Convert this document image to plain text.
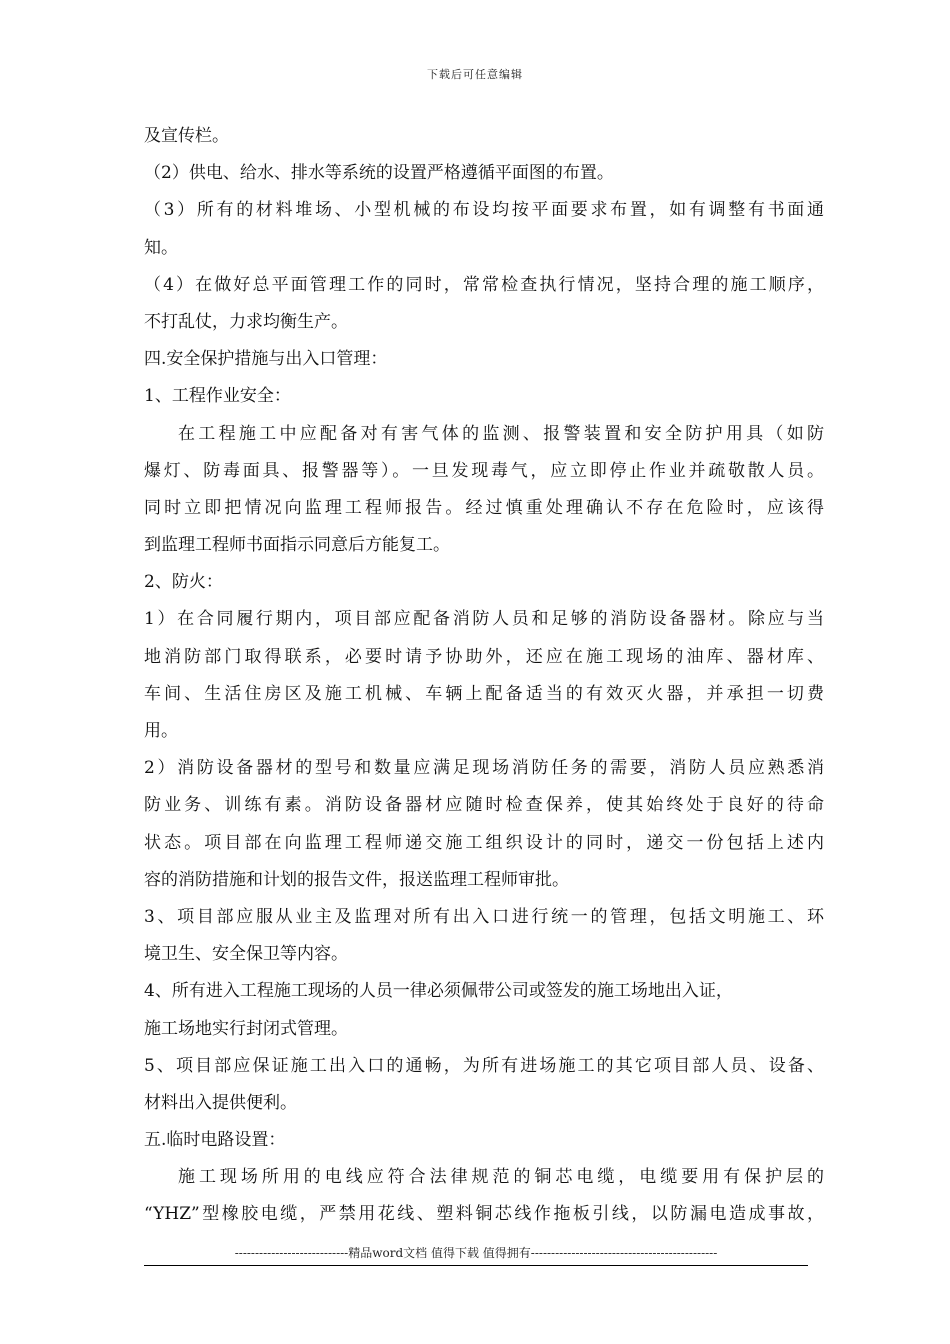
下载后可任意编辑
及宣传栏。
（2）供电、给水、排水等系统的设置严格遵循平面图的布置。
（3）所有的材料堆场、小型机械的布设均按平面要求布置，如有调整有书面通
知。
（4）在做好总平面管理工作的同时，常常检查执行情况，坚持合理的施工顺序，
不打乱仗，力求均衡生产。
四.安全保护措施与出入口管理：
1、工程作业安全：
在工程施工中应配备对有害气体的监测、报警装置和安全防护用具（如防
爆灯、防毒面具、报警器等）。一旦发现毒气，应立即停止作业并疏敬散人员。
同时立即把情况向监理工程师报告。经过慎重处理确认不存在危险时，应该得
到监理工程师书面指示同意后方能复工。
2、防火：
1）在合同履行期内，项目部应配备消防人员和足够的消防设备器材。除应与当
地消防部门取得联系，必要时请予协助外，还应在施工现场的油库、器材库、
车间、生活住房区及施工机械、车辆上配备适当的有效灭火器，并承担一切费
用。
2）消防设备器材的型号和数量应满足现场消防任务的需要，消防人员应熟悉消
防业务、训练有素。消防设备器材应随时检查保养，使其始终处于良好的待命
状态。项目部在向监理工程师递交施工组织设计的同时，递交一份包括上述内
容的消防措施和计划的报告文件，报送监理工程师审批。
3、项目部应服从业主及监理对所有出入口进行统一的管理，包括文明施工、环
境卫生、安全保卫等内容。
4、所有进入工程施工现场的人员一律必须佩带公司或签发的施工场地出入证，
施工场地实行封闭式管理。
5、项目部应保证施工出入口的通畅，为所有进场施工的其它项目部人员、设备、
材料出入提供便利。
五.临时电路设置：
施工现场所用的电线应符合法律规范的铜芯电缆，电缆要用有保护层的
“YHZ”型橡胶电缆，严禁用花线、塑料铜芯线作拖板引线，以防漏电造成事故，
----------------------------精品word文档 值得下载 值得拥有----------------------------------------------
